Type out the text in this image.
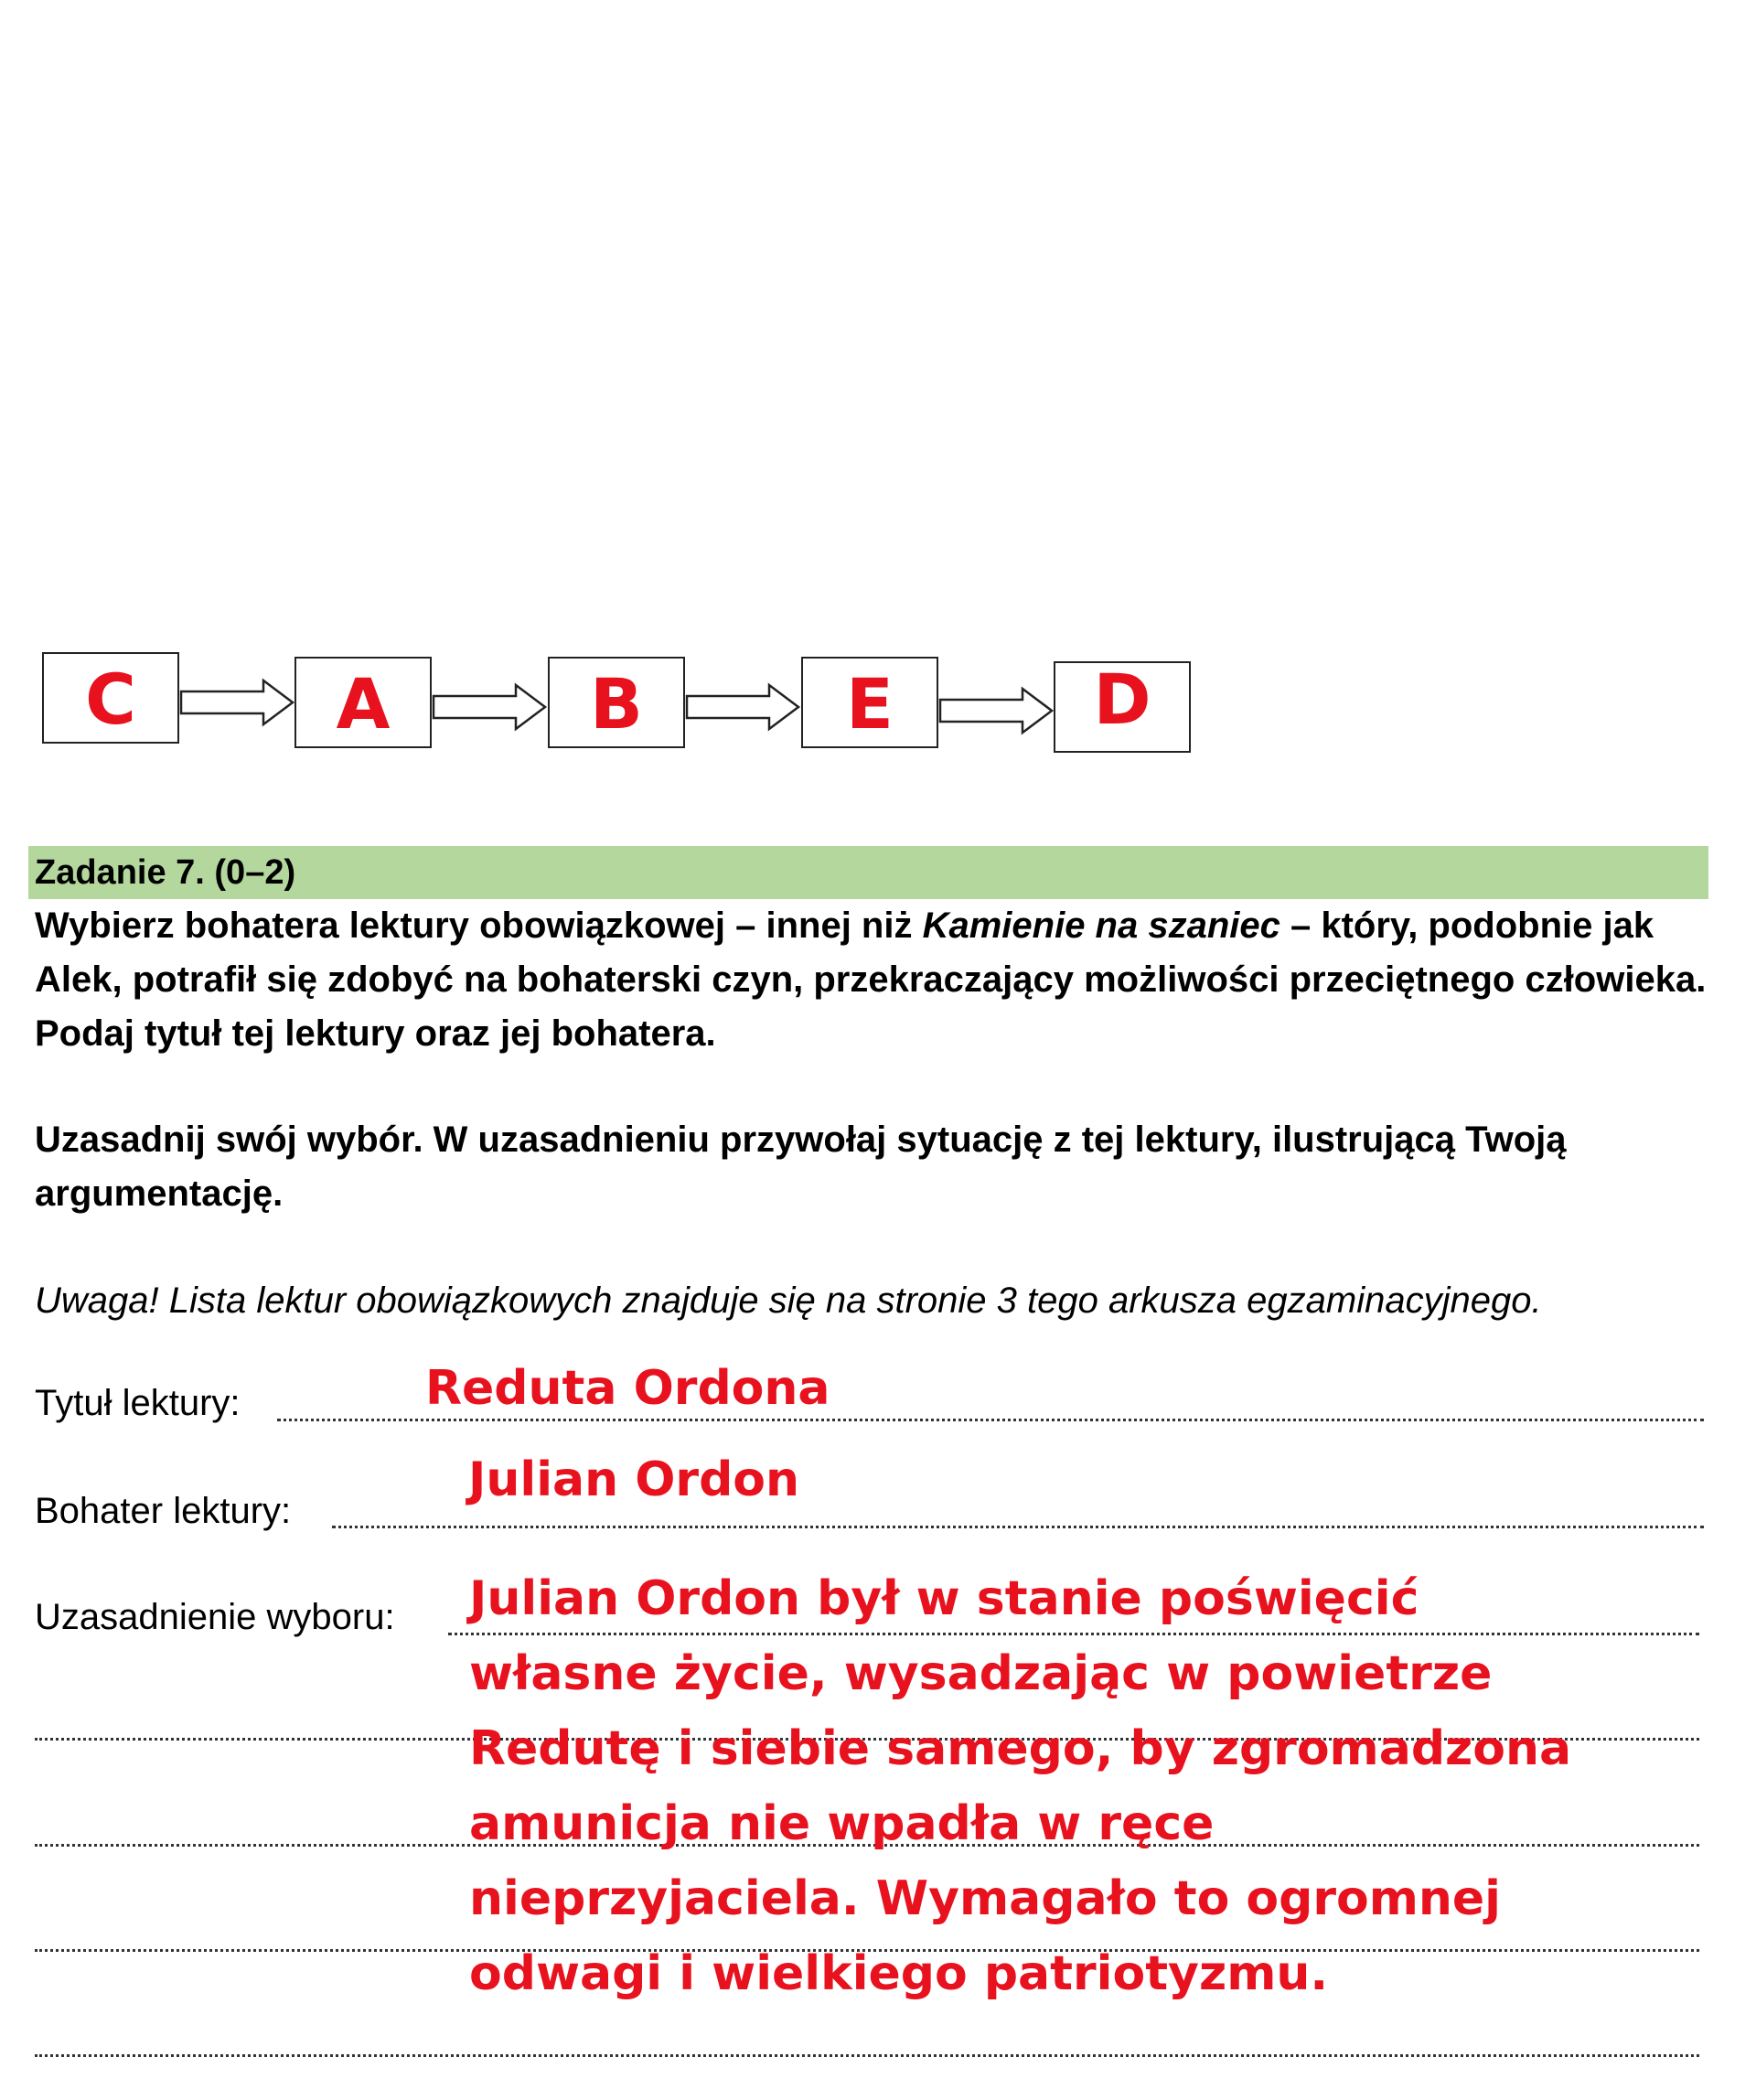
C	A	B	E	D
Zadanie 7. (0–2)
Wybierz bohatera lektury obowiązkowej – innej niż Kamienie na szaniec – który, podobnie jak Alek, potrafił się zdobyć na bohaterski czyn, przekraczający możliwości przeciętnego człowieka. Podaj tytuł tej lektury oraz jej bohatera.
Uzasadnij swój wybór. W uzasadnieniu przywołaj sytuację z tej lektury, ilustrującą Twoją argumentację.
Uwaga! Lista lektur obowiązkowych znajduje się na stronie 3 tego arkusza egzaminacyjnego.
Tytuł lektury:	Reduta Ordona
Bohater lektury:
Julian Ordon
Uzasadnienie wyboru: Julian Ordon był w stanie poświęcić
własne życie, wysadzając w powietrze
Redutę i siebie samego, by zgromadzona
amunicja nie wpadła w ręce
nieprzyjaciela. Wymagało to ogromnej
odwagi i wielkiego patriotyzmu.
